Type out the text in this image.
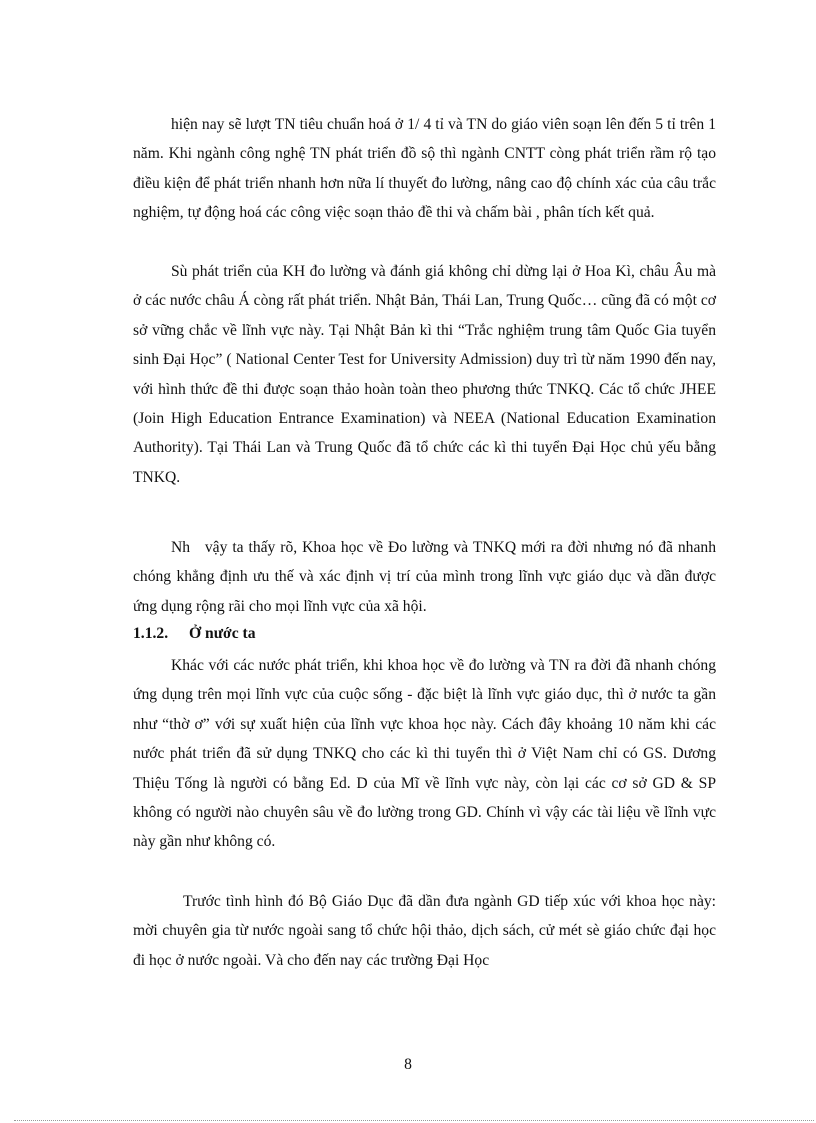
hiện nay sẽ lượt TN tiêu chuẩn hoá ở 1/ 4 tỉ và TN do giáo viên soạn lên đến 5 tỉ trên 1 năm. Khi ngành công nghệ TN phát triển đồ sộ thì ngành CNTT còng phát triển rầm rộ tạo điều kiện để phát triển nhanh hơn nữa lí thuyết đo lường, nâng cao độ chính xác của câu trắc nghiệm, tự động hoá các công việc soạn thảo đề thi và chấm bài , phân tích kết quả.

Sù phát triển của KH đo lường và đánh giá không chỉ dừng lại ở Hoa Kì, châu Âu mà ở các nước châu Á còng rất phát triển. Nhật Bản, Thái Lan, Trung Quốc… cũng đã có một cơ sở vững chắc về lĩnh vực này. Tại Nhật Bản kì thi “Trắc nghiệm trung tâm Quốc Gia tuyển sinh Đại Học” ( National Center Test for University Admission) duy trì từ năm 1990 đến nay, với hình thức đề thi được soạn thảo hoàn toàn theo phương thức TNKQ. Các tổ chức JHEE (Join High Education Entrance Examination) và NEEA (National Education Examination Authority). Tại Thái Lan và Trung Quốc đã tổ chức các kì thi tuyển Đại Học chủ yếu bằng TNKQ.

Nh   vậy ta thấy rõ, Khoa học về Đo lường và TNKQ mới ra đời nhưng nó đã nhanh chóng khẳng định ưu thế và xác định vị trí của mình trong lĩnh vực giáo dục và dần được ứng dụng rộng rãi cho mọi lĩnh vực của xã hội.

1.1.2. Ở nước ta

Khác với các nước phát triển, khi khoa học về đo lường và TN ra đời đã nhanh chóng ứng dụng trên mọi lĩnh vực của cuộc sống - đặc biệt là lĩnh vực giáo dục, thì ở nước ta gần như “thờ ơ” với sự xuất hiện của lĩnh vực khoa học này. Cách đây khoảng 10 năm khi các nước phát triển đã sử dụng TNKQ cho các kì thi tuyển thì ở Việt Nam chỉ có GS. Dương Thiệu Tống là người có bằng Ed. D của Mĩ về lĩnh vực này, còn lại các cơ sở GD & SP không có người nào chuyên sâu về đo lường trong GD. Chính vì vậy các tài liệu về lĩnh vực này gần như không có.

Trước tình hình đó Bộ Giáo Dục đã dần đưa ngành GD tiếp xúc với khoa học này: mời chuyên gia từ nước ngoài sang tổ chức hội thảo, dịch sách, cử mét sè giáo chức đại học đi học ở nước ngoài. Và cho đến nay các trường Đại Học

8
